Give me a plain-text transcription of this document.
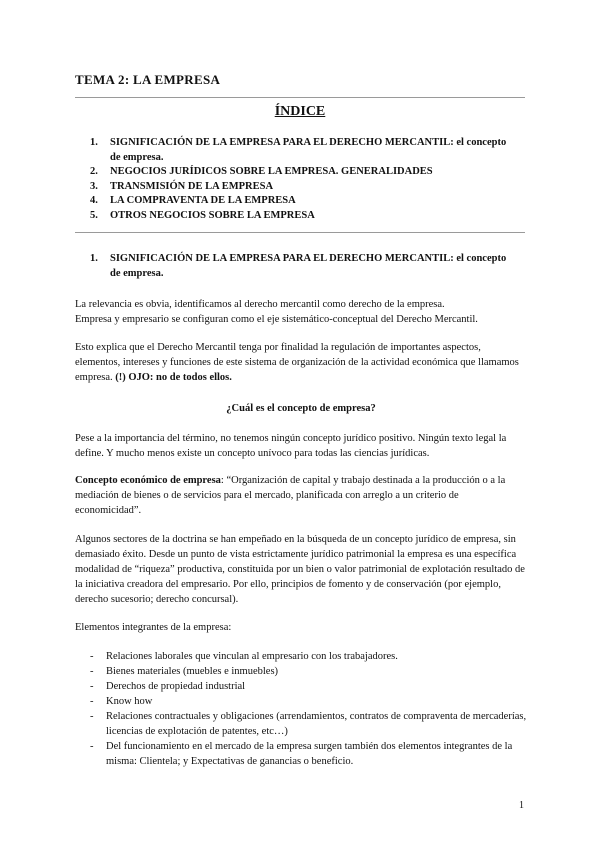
TEMA 2: LA EMPRESA
ÍNDICE
1. SIGNIFICACIÓN DE LA EMPRESA PARA EL DERECHO MERCANTIL: el concepto de empresa.
2. NEGOCIOS JURÍDICOS SOBRE LA EMPRESA. GENERALIDADES
3. TRANSMISIÓN DE LA EMPRESA
4. LA COMPRAVENTA DE LA EMPRESA
5. OTROS NEGOCIOS SOBRE LA EMPRESA
1. SIGNIFICACIÓN DE LA EMPRESA PARA EL DERECHO MERCANTIL: el concepto de empresa.

La relevancia es obvia, identificamos al derecho mercantil como derecho de la empresa.
Empresa y empresario se configuran como el eje sistemático-conceptual del Derecho Mercantil.

Esto explica que el Derecho Mercantil tenga por finalidad la regulación de importantes aspectos, elementos, intereses y funciones de este sistema de organización de la actividad económica que llamamos empresa. (!) OJO: no de todos ellos.

¿Cuál es el concepto de empresa?

Pese a la importancia del término, no tenemos ningún concepto jurídico positivo. Ningún texto legal la define. Y mucho menos existe un concepto unívoco para todas las ciencias jurídicas.

Concepto económico de empresa: “Organización de capital y trabajo destinada a la producción o a la mediación de bienes o de servicios para el mercado, planificada con arreglo a un criterio de economicidad”.

Algunos sectores de la doctrina se han empeñado en la búsqueda de un concepto jurídico de empresa, sin demasiado éxito. Desde un punto de vista estrictamente jurídico patrimonial la empresa es una específica modalidad de “riqueza” productiva, constituida por un bien o valor patrimonial de explotación resultado de la iniciativa creadora del empresario. Por ello, principios de fomento y de conservación (por ejemplo, derecho sucesorio; derecho concursal).

Elementos integrantes de la empresa:

- Relaciones laborales que vinculan al empresario con los trabajadores.
- Bienes materiales (muebles e inmuebles)
- Derechos de propiedad industrial
- Know how
- Relaciones contractuales y obligaciones (arrendamientos, contratos de compraventa de mercaderías, licencias de explotación de patentes, etc…)
- Del funcionamiento en el mercado de la empresa surgen también dos elementos integrantes de la misma: Clientela; y Expectativas de ganancias o beneficio.
1
